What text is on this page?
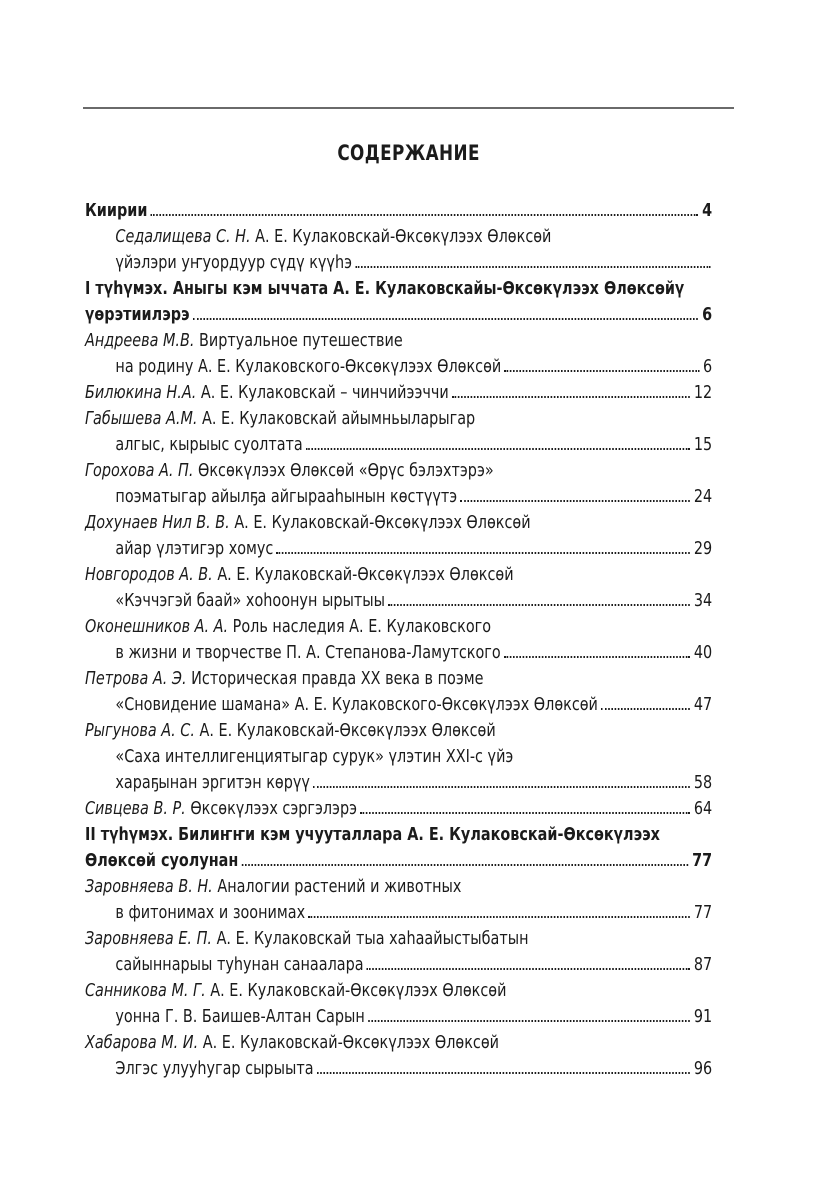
СОДЕРЖАНИЕ
Киирии	4
Седалищева С. Н. А. Е. Кулаковскай-Өксөкүлээх Өлөксөй
үйэлэри уҥуордуур сүдү күүһэ
I түһүмэх. Аныгы кэм ыччата А. Е. Кулаковскайы-Өксөкүлээх Өлөксөйү
үөрэтиилэрэ	6
Андреева М.В. Виртуальное путешествие
на родину А. Е. Кулаковского-Өксөкүлээх Өлөксөй	6
Билюкина Н.А. А. Е. Кулаковскай – чинчийээччи	12
Габышева А.М. А. Е. Кулаковскай айымньыларыгар
алгыс, кырыыс суолтата	15
Горохова А. П. Өксөкүлээх Өлөксөй «Өрүс бэлэхтэрэ»
поэматыгар айылҕа айгырааһынын көстүүтэ	24
Дохунаев Нил В. В. А. Е. Кулаковскай-Өксөкүлээх Өлөксөй
айар үлэтигэр хомус	29
Новгородов А. В. А. Е. Кулаковскай-Өксөкүлээх Өлөксөй
«Кэччэгэй баай» хоһоонун ырытыы	34
Оконешников А. А. Роль наследия А. Е. Кулаковского
в жизни и творчестве П. А. Степанова-Ламутского	40
Петрова А. Э. Историческая правда XX века в поэме
«Сновидение шамана» А. Е. Кулаковского-Өксөкүлээх Өлөксөй	47
Рыгунова А. С. А. Е. Кулаковскай-Өксөкүлээх Өлөксөй
«Саха интеллигенциятыгар сурук» үлэтин XXI-с үйэ
хараҕынан эргитэн көрүү	58
Сивцева В. Р. Өксөкүлээх сэргэлэрэ	64
II түһүмэх. Билиҥҥи кэм учууталлара А. Е. Кулаковскай-Өксөкүлээх
Өлөксөй суолунан	77
Заровняева В. Н. Аналогии растений и животных
в фитонимах и зоонимах	77
Заровняева Е. П. А. Е. Кулаковскай тыа хаһаайыстыбатын
сайыннарыы туһунан санаалара	87
Санникова М. Г. А. Е. Кулаковскай-Өксөкүлээх Өлөксөй
уонна Г. В. Баишев-Алтан Сарын	91
Хабарова М. И. А. Е. Кулаковскай-Өксөкүлээх Өлөксөй
Элгэс улууһугар сырыыта	96
